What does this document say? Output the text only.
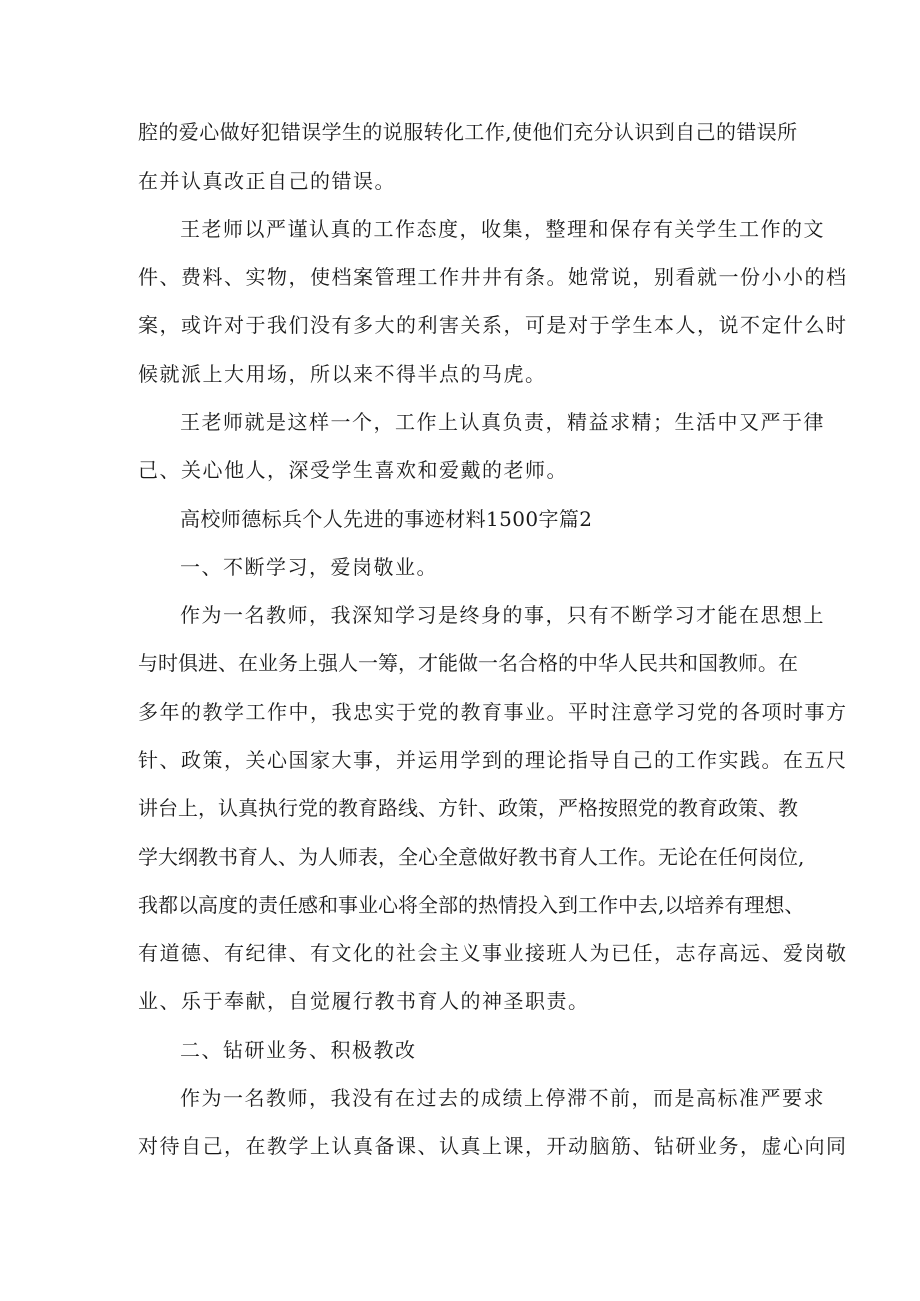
腔的爱心做好犯错误学生的说服转化工作,使他们充分认识到自己的错误所
在并认真改正自己的错误。
王老师以严谨认真的工作态度，收集，整理和保存有关学生工作的文
件、费料、实物，使档案管理工作井井有条。她常说，别看就一份小小的档
案，或许对于我们没有多大的利害关系，可是对于学生本人，说不定什么时
候就派上大用场，所以来不得半点的马虎。
王老师就是这样一个，工作上认真负责，精益求精；生活中又严于律
己、关心他人，深受学生喜欢和爱戴的老师。
高校师德标兵个人先进的事迹材料1500字篇2
一、不断学习，爱岗敬业。
作为一名教师，我深知学习是终身的事，只有不断学习才能在思想上
与时俱进、在业务上强人一筹，才能做一名合格的中华人民共和国教师。在
多年的教学工作中，我忠实于党的教育事业。平时注意学习党的各项时事方
针、政策，关心国家大事，并运用学到的理论指导自己的工作实践。在五尺
讲台上，认真执行党的教育路线、方针、政策，严格按照党的教育政策、教
学大纲教书育人、为人师表，全心全意做好教书育人工作。无论在任何岗位,
我都以高度的责任感和事业心将全部的热情投入到工作中去,以培养有理想、
有道德、有纪律、有文化的社会主义事业接班人为已任，志存高远、爱岗敬
业、乐于奉献，自觉履行教书育人的神圣职责。
二、钻研业务、积极教改
作为一名教师，我没有在过去的成绩上停滞不前，而是高标准严要求
对待自己，在教学上认真备课、认真上课，开动脑筋、钻研业务，虚心向同
